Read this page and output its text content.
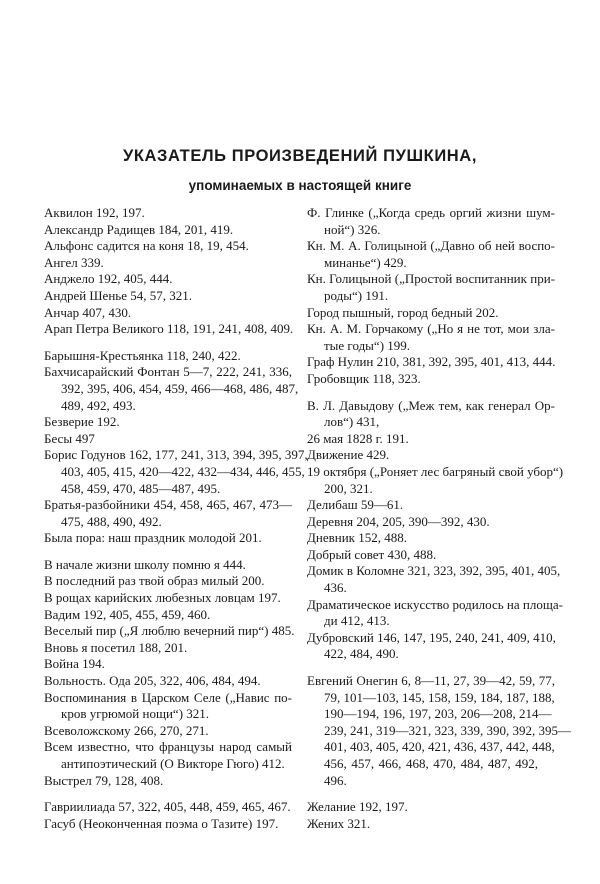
УКАЗАТЕЛЬ ПРОИЗВЕДЕНИЙ ПУШКИНА,
упоминаемых в настоящей книге
Аквилон 192, 197.
Александр Радищев 184, 201, 419.
Альфонс садится на коня 18, 19, 454.
Ангел 339.
Анджело 192, 405, 444.
Андрей Шенье 54, 57, 321.
Анчар 407, 430.
Арап Петра Великого 118, 191, 241, 408, 409.
Барышня-Крестьянка 118, 240, 422.
Бахчисарайский Фонтан 5—7, 222, 241, 336,
392, 395, 406, 454, 459, 466—468, 486, 487,
489, 492, 493.
Безверие 192.
Бесы 497
Борис Годунов 162, 177, 241, 313, 394, 395, 397,
403, 405, 415, 420—422, 432—434, 446, 455,
458, 459, 470, 485—487, 495.
Братья-разбойники 454, 458, 465, 467, 473—
475, 488, 490, 492.
Была пора: наш праздник молодой 201.
В начале жизни школу помню я 444.
В последний раз твой образ милый 200.
В рощах карийских любезных ловцам 197.
Вадим 192, 405, 455, 459, 460.
Веселый пир („Я люблю вечерний пир“) 485.
Вновь я посетил 188, 201.
Война 194.
Вольность. Ода 205, 322, 406, 484, 494.
Воспоминания в Царском Селе („Навис по-
кров угрюмой нощи“) 321.
Всеволожскому 266, 270, 271.
Всем известно, что французы народ самый
антипоэтический (О Викторе Гюго) 412.
Выстрел 79, 128, 408.
Гавриилиада 57, 322, 405, 448, 459, 465, 467.
Гасуб (Неоконченная поэма о Тазите) 197.
Ф. Глинке („Когда средь оргий жизни шум-
ной“) 326.
Кн. М. А. Голицыной („Давно об ней воспо-
минанье“) 429.
Кн. Голицыной („Простой воспитанник при-
роды“) 191.
Город пышный, город бедный 202.
Кн. А. М. Горчакому („Но я не тот, мои зла-
тые годы“) 199.
Граф Нулин 210, 381, 392, 395, 401, 413, 444.
Гробовщик 118, 323.
В. Л. Давыдову („Меж тем, как генерал Ор-
лов“) 431,
26 мая 1828 г. 191.
Движение 429.
19 октября („Роняет лес багряный свой убор“)
200, 321.
Делибаш 59—61.
Деревня 204, 205, 390—392, 430.
Дневник 152, 488.
Добрый совет 430, 488.
Домик в Коломне 321, 323, 392, 395, 401, 405,
436.
Драматическое искусство родилось на площа-
ди 412, 413.
Дубровский 146, 147, 195, 240, 241, 409, 410,
422, 484, 490.
Евгений Онегин 6, 8—11, 27, 39—42, 59, 77,
79, 101—103, 145, 158, 159, 184, 187, 188,
190—194, 196, 197, 203, 206—208, 214—
239, 241, 319—321, 323, 339, 390, 392, 395—
401, 403, 405, 420, 421, 436, 437, 442, 448,
456, 457, 466, 468, 470, 484, 487, 492,
496.
Желание 192, 197.
Жених 321.
